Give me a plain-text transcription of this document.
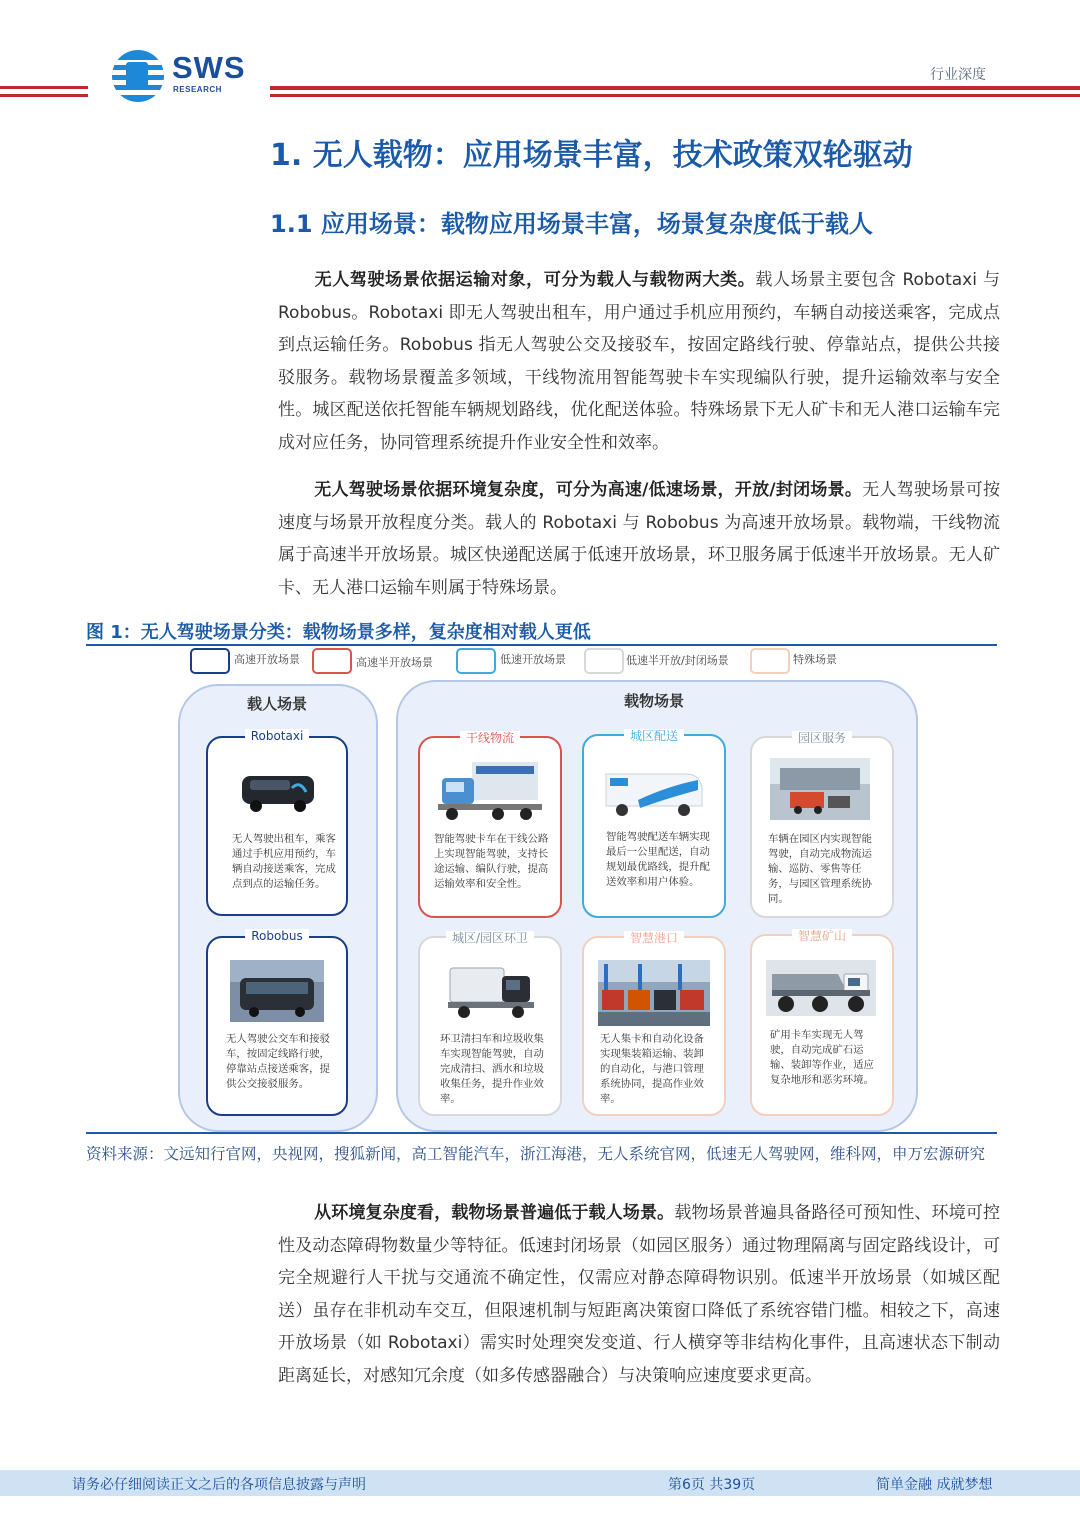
SWS
RESEARCH
行业深度
1. 无人载物：应用场景丰富，技术政策双轮驱动
1.1 应用场景：载物应用场景丰富，场景复杂度低于载人
无人驾驶场景依据运输对象，可分为载人与载物两大类。载人场景主要包含 Robotaxi 与 Robobus。Robotaxi 即无人驾驶出租车，用户通过手机应用预约，车辆自动接送乘客，完成点到点运输任务。Robobus 指无人驾驶公交及接驳车，按固定路线行驶、停靠站点，提供公共接驳服务。载物场景覆盖多领域，干线物流用智能驾驶卡车实现编队行驶，提升运输效率与安全性。城区配送依托智能车辆规划路线，优化配送体验。特殊场景下无人矿卡和无人港口运输车完成对应任务，协同管理系统提升作业安全性和效率。
无人驾驶场景依据环境复杂度，可分为高速/低速场景，开放/封闭场景。无人驾驶场景可按速度与场景开放程度分类。载人的 Robotaxi 与 Robobus 为高速开放场景。载物端，干线物流属于高速半开放场景。城区快递配送属于低速开放场景，环卫服务属于低速半开放场景。无人矿卡、无人港口运输车则属于特殊场景。
图 1：无人驾驶场景分类：载物场景多样，复杂度相对载人更低
高速开放场景	高速半开放场景	低速开放场景	低速半开放/封闭场景	特殊场景
载人场景
Robotaxi
无人驾驶出租车，乘客通过手机应用预约，车辆自动接送乘客，完成点到点的运输任务。
Robobus
无人驾驶公交车和接驳车，按固定线路行驶，停靠站点接送乘客，提供公交接驳服务。
载物场景
干线物流
智能驾驶卡车在干线公路上实现智能驾驶，支持长途运输、编队行驶，提高运输效率和安全性。
城区配送
智能驾驶配送车辆实现最后一公里配送，自动规划最优路线，提升配送效率和用户体验。
园区服务
车辆在园区内实现智能驾驶，自动完成物流运输、巡防、零售等任务，与园区管理系统协同。
城区/园区环卫
环卫清扫车和垃圾收集车实现智能驾驶，自动完成清扫、洒水和垃圾收集任务，提升作业效率。
智慧港口
无人集卡和自动化设备实现集装箱运输、装卸的自动化，与港口管理系统协同，提高作业效率。
智慧矿山
矿用卡车实现无人驾驶，自动完成矿石运输、装卸等作业，适应复杂地形和恶劣环境。
资料来源：文远知行官网，央视网，搜狐新闻，高工智能汽车，浙江海港，无人系统官网，低速无人驾驶网，维科网，申万宏源研究
从环境复杂度看，载物场景普遍低于载人场景。载物场景普遍具备路径可预知性、环境可控性及动态障碍物数量少等特征。低速封闭场景（如园区服务）通过物理隔离与固定路线设计，可完全规避行人干扰与交通流不确定性，仅需应对静态障碍物识别。低速半开放场景（如城区配送）虽存在非机动车交互，但限速机制与短距离决策窗口降低了系统容错门槛。相较之下，高速开放场景（如 Robotaxi）需实时处理突发变道、行人横穿等非结构化事件，且高速状态下制动距离延长，对感知冗余度（如多传感器融合）与决策响应速度要求更高。
请务必仔细阅读正文之后的各项信息披露与声明	第6页 共39页	简单金融 成就梦想
